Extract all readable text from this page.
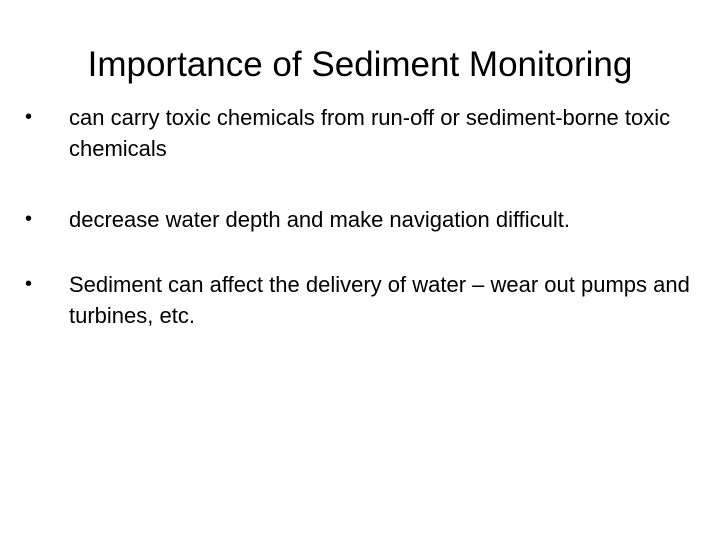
Importance of Sediment Monitoring
• can carry toxic chemicals from run-off or sediment-borne toxic chemicals
• decrease water depth and make navigation difficult.
• Sediment can affect the delivery of water – wear out pumps and turbines, etc.
